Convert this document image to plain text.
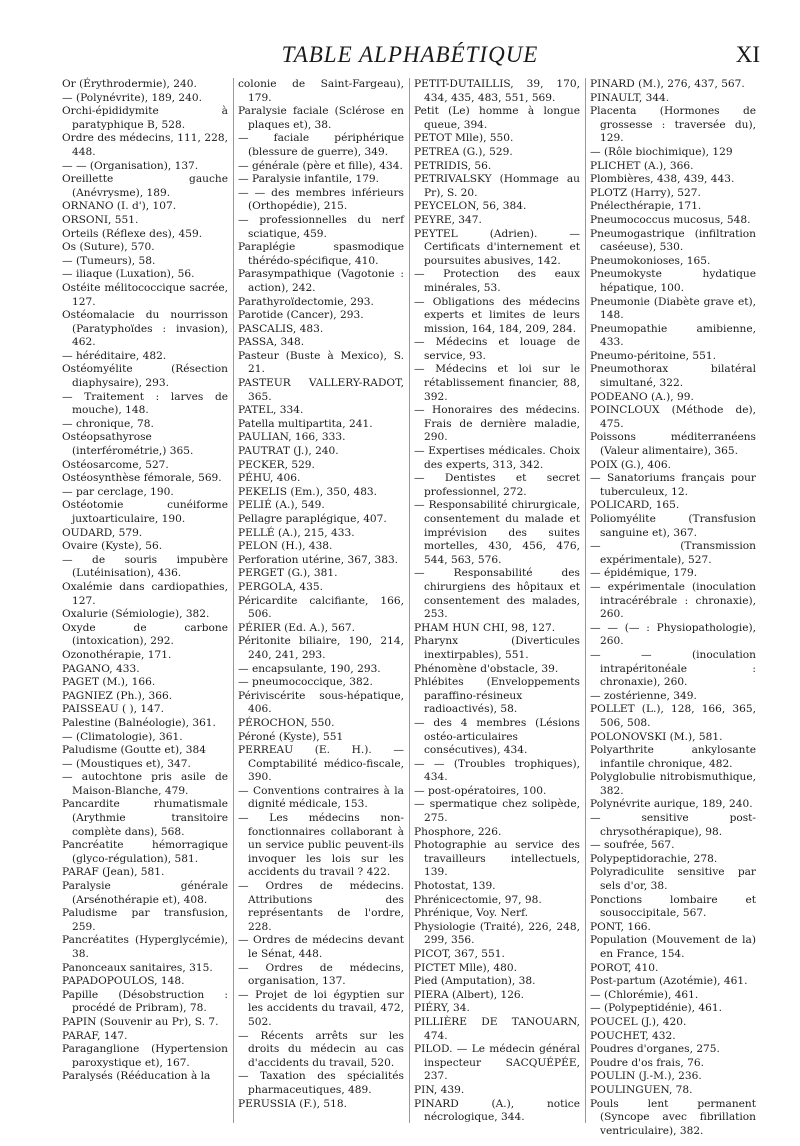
TABLE ALPHABÉTIQUE	XI

Or (Érythrodermie), 240.

— (Polynévrite), 189, 240.

Orchi-épididymite à paratyphique B, 528.

Ordre des médecins, 111, 228, 448.

— — (Organisation), 137.

Oreillette gauche (Anévrysme), 189.

ORNANO (I. d'), 107.

ORSONI, 551.

Orteils (Réflexe des), 459.

Os (Suture), 570.

— (Tumeurs), 58.

— iliaque (Luxation), 56.

Ostéite mélitococcique sacrée, 127.

Ostéomalacie du nourrisson (Paratyphoïdes : invasion), 462.

— héréditaire, 482.

Ostéomyélite (Résection diaphysaire), 293.

— Traitement : larves de mouche), 148.

— chronique, 78.

Ostéopsathyrose (interférométrie,) 365.

Ostéosarcome, 527.

Ostéosynthèse fémorale, 569.

— par cerclage, 190.

Ostéotomie cunéiforme juxtoarticulaire, 190.

OUDARD, 579.

Ovaire (Kyste), 56.

— de souris impubère (Lutéinisation), 436.

Oxalémie dans cardiopathies, 127.

Oxalurie (Sémiologie), 382.

Oxyde de carbone (intoxication), 292.

Ozonothérapie, 171.

PAGANO, 433.

PAGET (M.), 166.

PAGNIEZ (Ph.), 366.

PAISSEAU ( ), 147.

Palestine (Balnéologie), 361.

— (Climatologie), 361.

Paludisme (Goutte et), 384

— (Moustiques et), 347.

— autochtone pris asile de Maison-Blanche, 479.

Pancardite rhumatismale (Arythmie transitoire complète dans), 568.

Pancréatite hémorragique (glyco-régulation), 581.

PARAF (Jean), 581.

Paralysie générale (Arsénothérapie et), 408.

Paludisme par transfusion, 259.

Pancréatites (Hyperglycémie), 38.

Panonceaux sanitaires, 315.

PAPADOPOULOS, 148.

Papille (Désobstruction : procédé de Pribram), 78.

PAPIN (Souvenir au Pr), S. 7.

PARAF, 147.

Paraganglione (Hypertension paroxystique et), 167.

Paralysés (Rééducation à la

colonie de Saint-Fargeau), 179.

Paralysie faciale (Sclérose en plaques et), 38.

— faciale périphérique (blessure de guerre), 349.

— générale (père et fille), 434.

— Paralysie infantile, 179.

— — des membres inférieurs (Orthopédie), 215.

— professionnelles du nerf sciatique, 459.

Paraplégie spasmodique thérédo-spécifique, 410.

Parasympathique (Vagotonie : action), 242.

Parathyroïdectomie, 293.

Parotide (Cancer), 293.

PASCALIS, 483.

PASSA, 348.

Pasteur (Buste à Mexico), S. 21.

PASTEUR VALLERY-RADOT, 365.

PATEL, 334.

Patella multipartita, 241.

PAULIAN, 166, 333.

PAUTRAT (J.), 240.

PECKER, 529.

PÉHU, 406.

PEKELIS (Em.), 350, 483.

PELIÉ (A.), 549.

Pellagre paraplégique, 407.

PELLÉ (A.), 215, 433.

PELON (H.), 438.

Perforation utérine, 367, 383.

PERGET (G.), 381.

PERGOLA, 435.

Péricardite calcifiante, 166, 506.

PÉRIER (Ed. A.), 567.

Péritonite biliaire, 190, 214, 240, 241, 293.

— encapsulante, 190, 293.

— pneumococcique, 382.

Périviscérite sous-hépatique, 406.

PÉROCHON, 550.

Péroné (Kyste), 551

PERREAU (E. H.). — Comptabilité médico-fiscale, 390.

— Conventions contraires à la dignité médicale, 153.

— Les médecins non-fonctionnaires collaborant à un service public peuvent-ils invoquer les lois sur les accidents du travail ? 422.

— Ordres de médecins. Attributions des représentants de l'ordre, 228.

— Ordres de médecins devant le Sénat, 448.

— Ordres de médecins, organisation, 137.

— Projet de loi égyptien sur les accidents du travail, 472, 502.

— Récents arrêts sur les droits du médecin au cas d'accidents du travail, 520.

— Taxation des spécialités pharmaceutiques, 489.

PERUSSIA (F.), 518.

PETIT-DUTAILLIS, 39, 170, 434, 435, 483, 551, 569.

Petit (Le) homme à longue queue, 394.

PETOT Mlle), 550.

PETREA (G.), 529.

PETRIDIS, 56.

PETRIVALSKY (Hommage au Pr), S. 20.

PEYCELON, 56, 384.

PEYRE, 347.

PEYTEL (Adrien). — Certificats d'internement et poursuites abusives, 142.

— Protection des eaux minérales, 53.

— Obligations des médecins experts et limites de leurs mission, 164, 184, 209, 284.

— Médecins et louage de service, 93.

— Médecins et loi sur le rétablissement financier, 88, 392.

— Honoraires des médecins. Frais de dernière maladie, 290.

— Expertises médicales. Choix des experts, 313, 342.

— Dentistes et secret professionnel, 272.

— Responsabilité chirurgicale, consentement du malade et imprévision des suites mortelles, 430, 456, 476, 544, 563, 576.

— Responsabilité des chirurgiens des hôpitaux et consentement des malades, 253.

PHAM HUN CHI, 98, 127.

Pharynx (Diverticules inextirpables), 551.

Phénomène d'obstacle, 39.

Phlébites (Enveloppements paraffino-résineux radioactivés), 58.

— des 4 membres (Lésions ostéo-articulaires consécutives), 434.

— — (Troubles trophiques), 434.

— post-opératoires, 100.

— spermatique chez solipède, 275.

Phosphore, 226.

Photographie au service des travailleurs intellectuels, 139.

Photostat, 139.

Phrénicectomie, 97, 98.

Phrénique, Voy. Nerf.

Physiologie (Traité), 226, 248, 299, 356.

PICOT, 367, 551.

PICTET Mlle), 480.

Pied (Amputation), 38.

PIERA (Albert), 126.

PIÉRY, 34.

PILLIÈRE DE TANOUARN, 474.

PILOD. — Le médecin général inspecteur SACQUÉPÉE, 237.

PIN, 439.

PINARD (A.), notice nécrologique, 344.

PINARD (M.), 276, 437, 567.

PINAULT, 344.

Placenta (Hormones de grossesse : traversée du), 129.

— (Rôle biochimique), 129

PLICHET (A.), 366.

Plombières, 438, 439, 443.

PLOTZ (Harry), 527.

Pnélecthérapie, 171.

Pneumococcus mucosus, 548.

Pneumogastrique (infiltration caséeuse), 530.

Pneumokonioses, 165.

Pneumokyste hydatique hépatique, 100.

Pneumonie (Diabète grave et), 148.

Pneumopathie amibienne, 433.

Pneumo-péritoine, 551.

Pneumothorax bilatéral simultané, 322.

PODEANO (A.), 99.

POINCLOUX (Méthode de), 475.

Poissons méditerranéens (Valeur alimentaire), 365.

POIX (G.), 406.

— Sanatoriums français pour tuberculeux, 12.

POLICARD, 165.

Poliomyélite (Transfusion sanguine et), 367.

— (Transmission expérimentale), 527.

— épidémique, 179.

— expérimentale (inoculation intracérébrale : chronaxie), 260.

— — (— : Physiopathologie), 260.

— — (inoculation intrapéritonéale : chronaxie), 260.

— zostérienne, 349.

POLLET (L.), 128, 166, 365, 506, 508.

POLONOVSKI (M.), 581.

Polyarthrite ankylosante infantile chronique, 482.

Polyglobulie nitrobismuthique, 382.

Polynévrite aurique, 189, 240.

— sensitive post-chrysothérapique), 98.

— soufrée, 567.

Polypeptidorachie, 278.

Polyradiculite sensitive par sels d'or, 38.

Ponctions lombaire et sousoccipitale, 567.

PONT, 166.

Population (Mouvement de la) en France, 154.

POROT, 410.

Post-partum (Azotémie), 461.

— (Chlorémie), 461.

— (Polypeptidénie), 461.

POUCEL (J.), 420.

POUCHET, 432.

Poudres d'organes, 275.

Poudre d'os frais, 76.

POULIN (J.-M.), 236.

POULINGUEN, 78.

Pouls lent permanent (Syncope avec fibrillation ventriculaire), 382.
